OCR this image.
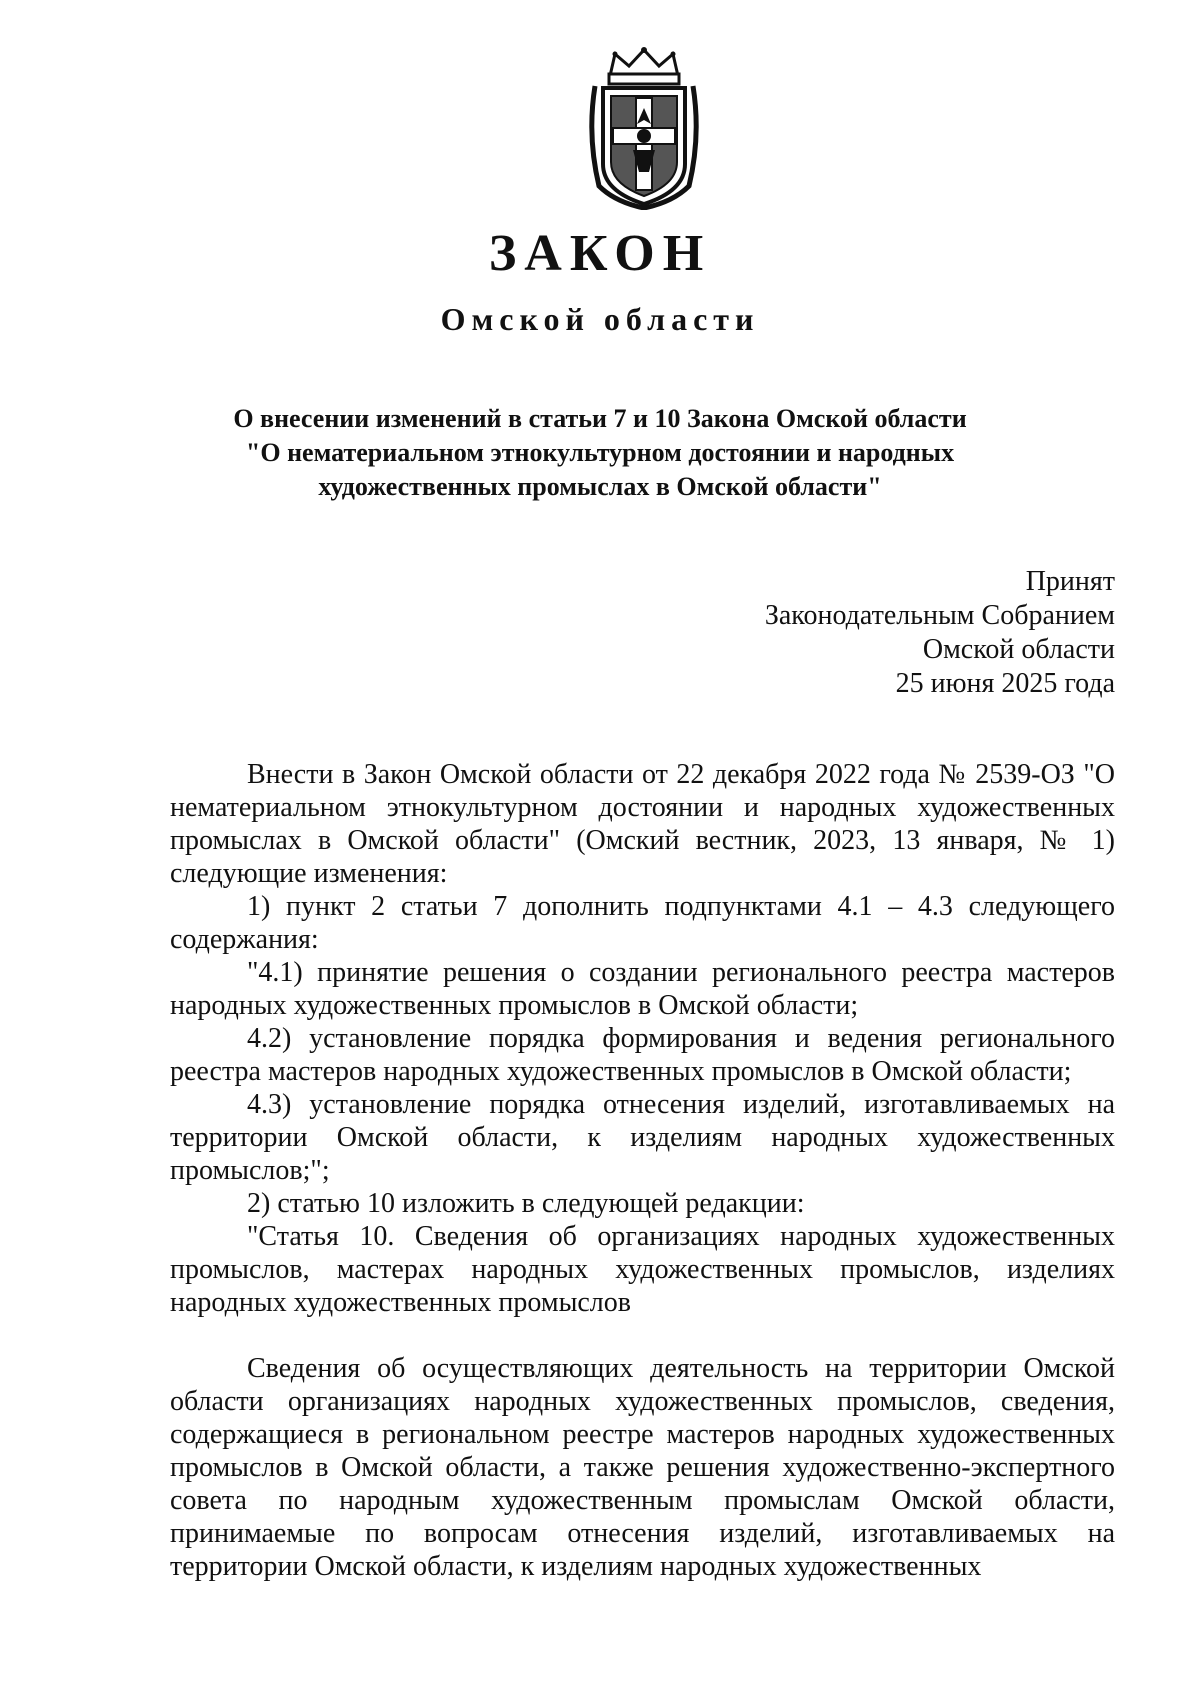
ЗАКОН
Омской области
О внесении изменений в статьи 7 и 10 Закона Омской области
"О нематериальном этнокультурном достоянии и народных
художественных промыслах в Омской области"
Принят
Законодательным Собранием
Омской области
25 июня 2025 года

Внести в Закон Омской области от 22 декабря 2022 года № 2539-ОЗ "О нематериальном этнокультурном достоянии и народных художественных промыслах в Омской области" (Омский вестник, 2023, 13 января, № 1) следующие изменения:

1) пункт 2 статьи 7 дополнить подпунктами 4.1 – 4.3 следующего содержания:

"4.1) принятие решения о создании регионального реестра мастеров народных художественных промыслов в Омской области;

4.2) установление порядка формирования и ведения регионального реестра мастеров народных художественных промыслов в Омской области;

4.3) установление порядка отнесения изделий, изготавливаемых на территории Омской области, к изделиям народных художественных промыслов;";

2) статью 10 изложить в следующей редакции:

"Статья 10. Сведения об организациях народных художественных промыслов, мастерах народных художественных промыслов, изделиях народных художественных промыслов

Сведения об осуществляющих деятельность на территории Омской области организациях народных художественных промыслов, сведения, содержащиеся в региональном реестре мастеров народных художественных промыслов в Омской области, а также решения художественно-экспертного совета по народным художественным промыслам Омской области, принимаемые по вопросам отнесения изделий, изготавливаемых на территории Омской области, к изделиям народных художественных
